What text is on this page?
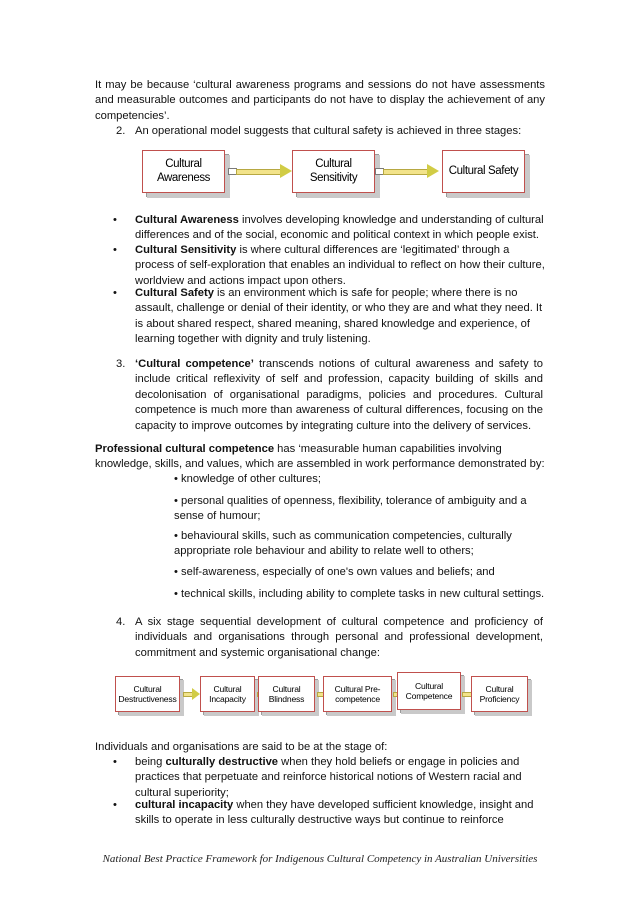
It may be because ‘cultural awareness programs and sessions do not have assessments and measurable outcomes and participants do not have to display the achievement of any competencies’.

2. An operational model suggests that cultural safety is achieved in three stages:
Cultural Awareness
Cultural Sensitivity
Cultural Safety
• Cultural Awareness involves developing knowledge and understanding of cultural differences and of the social, economic and political context in which people exist.
• Cultural Sensitivity is where cultural differences are ‘legitimated’ through a process of self-exploration that enables an individual to reflect on how their culture, worldview and actions impact upon others.
• Cultural Safety is an environment which is safe for people; where there is no assault, challenge or denial of their identity, or who they are and what they need. It is about shared respect, shared meaning, shared knowledge and experience, of learning together with dignity and truly listening.
3. ‘Cultural competence’ transcends notions of cultural awareness and safety to include critical reflexivity of self and profession, capacity building of skills and decolonisation of organisational paradigms, policies and procedures. Cultural competence is much more than awareness of cultural differences, focusing on the capacity to improve outcomes by integrating culture into the delivery of services.

Professional cultural competence has ‘measurable human capabilities involving knowledge, skills, and values, which are assembled in work performance demonstrated by:

• knowledge of other cultures;

• personal qualities of openness, flexibility, tolerance of ambiguity and a sense of humour;

• behavioural skills, such as communication competencies, culturally appropriate role behaviour and ability to relate well to others;

• self-awareness, especially of one's own values and beliefs; and

• technical skills, including ability to complete tasks in new cultural settings.

4. A six stage sequential development of cultural competence and proficiency of individuals and organisations through personal and professional development, commitment and systemic organisational change:

Cultural Destructiveness
Cultural Incapacity
Cultural Blindness
Cultural Pre-competence
Cultural Competence
Cultural Proficiency

Individuals and organisations are said to be at the stage of:

• being culturally destructive when they hold beliefs or engage in policies and practices that perpetuate and reinforce historical notions of Western racial and cultural superiority;
• cultural incapacity when they have developed sufficient knowledge, insight and skills to operate in less culturally destructive ways but continue to reinforce
National Best Practice Framework for Indigenous Cultural Competency in Australian Universities
